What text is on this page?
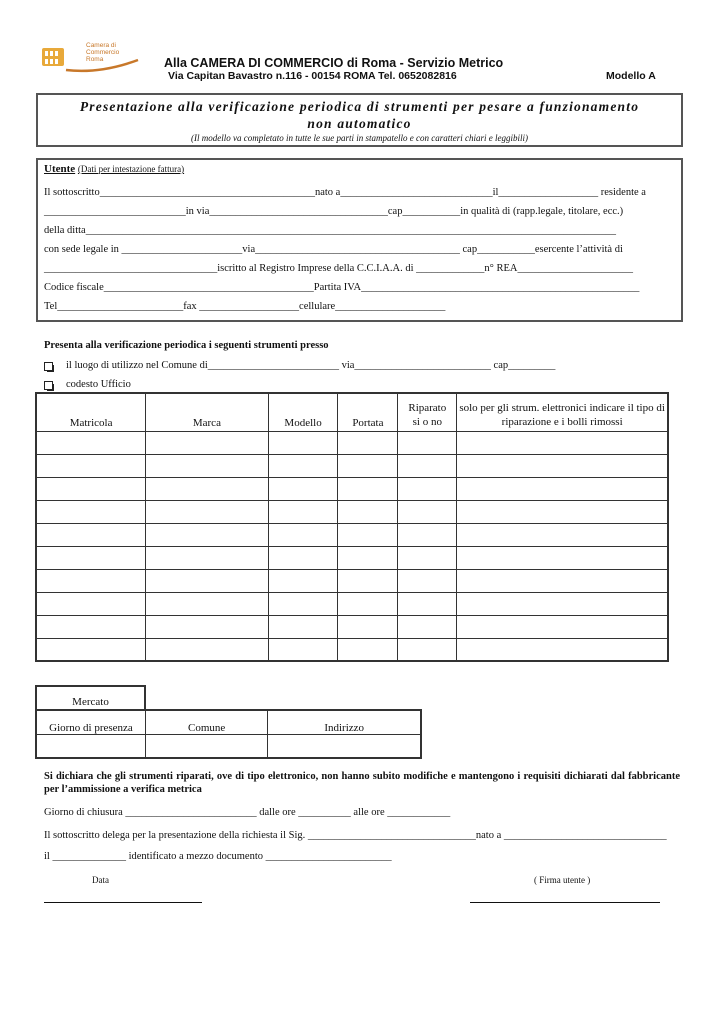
Camera di Commercio
Roma	Alla CAMERA DI COMMERCIO di Roma - Servizio Metrico
Via Capitan Bavastro n.116 - 00154 ROMA Tel. 0652082816	Modello A
Presentazione alla verificazione periodica di strumenti per pesare a funzionamento
non automatico
(Il modello va completato in tutte le sue parti in stampatello e con caratteri chiari e leggibili)
Utente (Dati per intestazione fattura)
Il sottoscritto_________________________________________nato a_____________________________il___________________ residente a
___________________________in via__________________________________cap___________in qualità di (rapp.legale, titolare, ecc.)
della ditta_____________________________________________________________________________________________________
con sede legale in _______________________via_______________________________________ cap___________esercente l’attività di
_________________________________iscritto al Registro Imprese della C.C.I.A.A. di _____________n° REA______________________
Codice fiscale________________________________________Partita IVA_____________________________________________________
Tel________________________fax ___________________cellulare_____________________
Presenta alla verificazione periodica i seguenti strumenti presso
il luogo di utilizzo nel Comune di_________________________ via__________________________ cap_________
codesto Ufficio
Matricola	Marca	Modello	Portata	Riparato si o no	solo per gli strum. elettronici indicare il tipo di riparazione e i bolli rimossi

Mercato
Giorno di presenza	Comune	Indirizzo

Si dichiara che gli strumenti riparati, ove di tipo elettronico, non hanno subito modifiche e mantengono i requisiti dichiarati dal fabbricante per l’ammissione a verifica metrica
Giorno di chiusura _________________________ dalle ore __________ alle ore ____________
Il sottoscritto delega per la presentazione della richiesta il Sig. ________________________________nato a _______________________________
il ______________ identificato a mezzo documento ________________________
Data	( Firma utente )
